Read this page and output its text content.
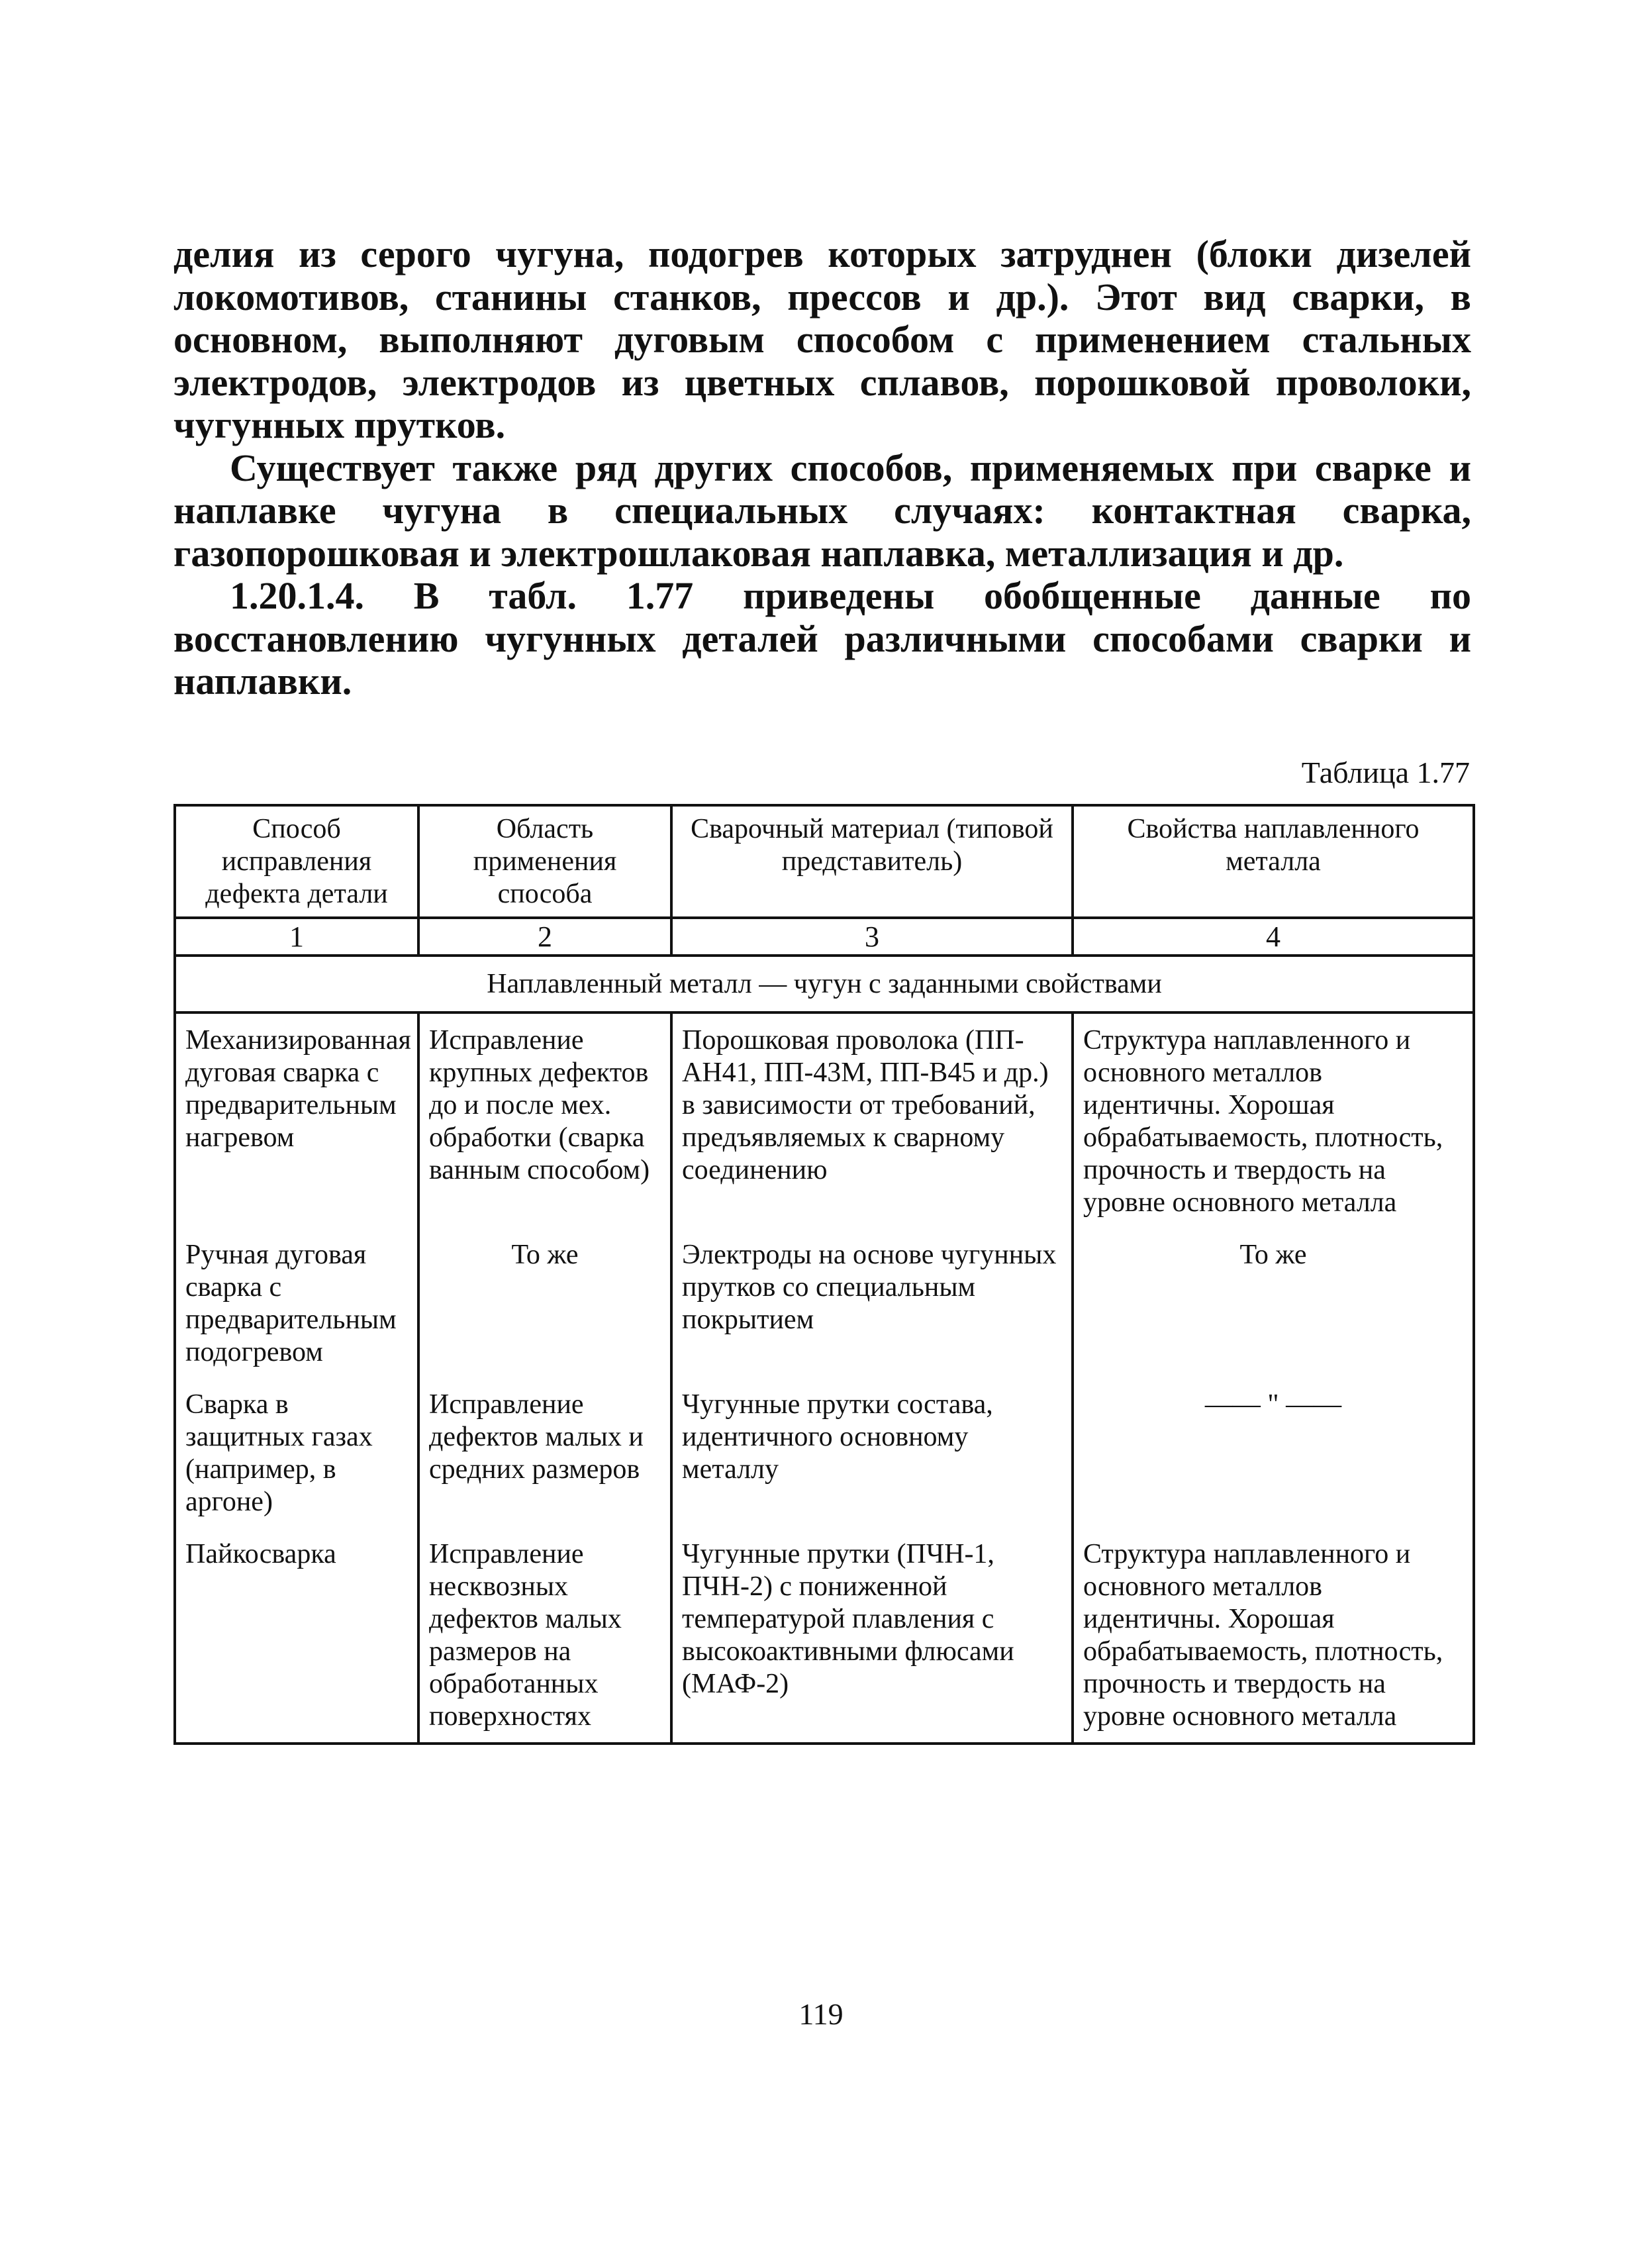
делия из серого чугуна, подогрев которых затруднен (блоки дизелей локомотивов, станины станков, прессов и др.). Этот вид сварки, в основном, выполняют дуговым способом с применением стальных электродов, электродов из цветных сплавов, порошковой проволоки, чугунных прутков.

Существует также ряд других способов, применяемых при сварке и наплавке чугуна в специальных случаях: контактная сварка, газопорошковая и электрошлаковая наплавка, металлизация и др.

1.20.1.4. В табл. 1.77 приведены обобщенные данные по восстановлению чугунных деталей различными способами сварки и наплавки.

Таблица 1.77
Способ исправления дефекта детали	Область применения способа	Сварочный материал (типовой представитель)	Свойства наплавленного металла
1	2	3	4
Наплавленный металл — чугун с заданными свойствами			
Механизированная дуговая сварка с предварительным нагревом	Исправление крупных дефектов до и после мех. обработки (сварка ванным способом)	Порошковая проволока (ПП-АН41, ПП-43М, ПП-В45 и др.) в зависимости от требований, предъявляемых к сварному соединению	Структура наплавленного и основного металлов идентичны. Хорошая обрабатываемость, плотность, прочность и твердость на уровне основного металла
Ручная дуговая сварка с предварительным подогревом	То же	Электроды на основе чугунных прутков со специальным покрытием	То же
Сварка в защитных газах (например, в аргоне)	Исправление дефектов малых и средних размеров	Чугунные прутки состава, идентичного основному металлу	—— " ——
Пайкосварка	Исправление несквозных дефектов малых размеров на обработанных поверхностях	Чугунные прутки (ПЧН-1, ПЧН-2) с пониженной температурой плавления с высокоактивными флюсами (МАФ-2)	Структура наплавленного и основного металлов идентичны. Хорошая обрабатываемость, плотность, прочность и твердость на уровне основного металла
119
